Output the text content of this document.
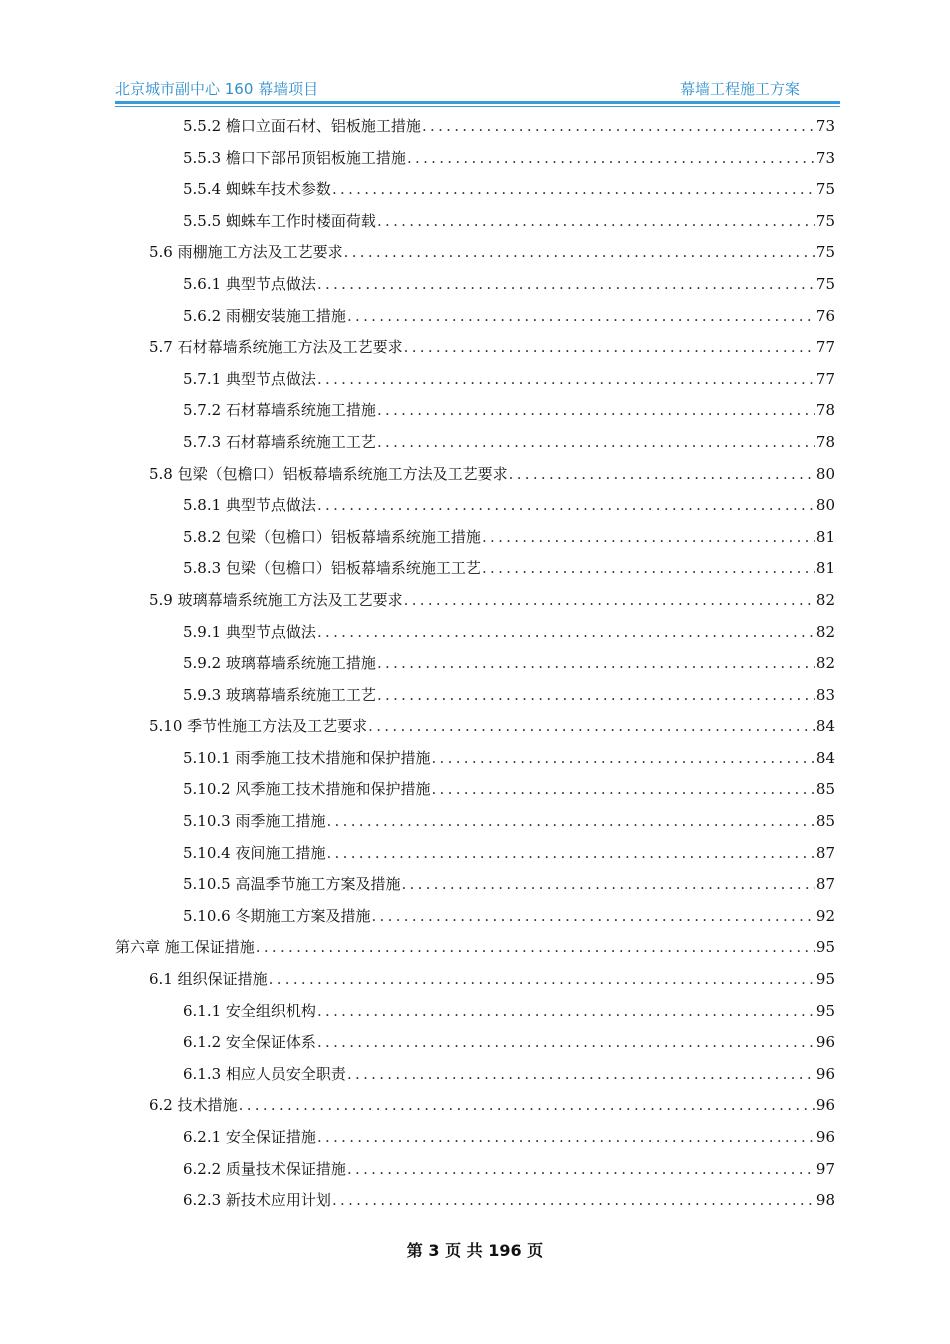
北京城市副中心 160 幕墙项目	幕墙工程施工方案
5.5.2 檐口立面石材、铝板施工措施 .....	73
5.5.3 檐口下部吊顶铝板施工措施 .....	73
5.5.4 蜘蛛车技术参数 .....	75
5.5.5 蜘蛛车工作时楼面荷载 .....	75
5.6 雨棚施工方法及工艺要求 .....	75
5.6.1 典型节点做法 .....	75
5.6.2 雨棚安装施工措施 .....	76
5.7 石材幕墙系统施工方法及工艺要求 .....	77
5.7.1 典型节点做法 .....	77
5.7.2 石材幕墙系统施工措施 .....	78
5.7.3 石材幕墙系统施工工艺 .....	78
5.8 包梁（包檐口）铝板幕墙系统施工方法及工艺要求 .....	80
5.8.1 典型节点做法 .....	80
5.8.2 包梁（包檐口）铝板幕墙系统施工措施 .....	81
5.8.3 包梁（包檐口）铝板幕墙系统施工工艺 .....	81
5.9 玻璃幕墙系统施工方法及工艺要求 .....	82
5.9.1 典型节点做法 .....	82
5.9.2 玻璃幕墙系统施工措施 .....	82
5.9.3 玻璃幕墙系统施工工艺 .....	83
5.10 季节性施工方法及工艺要求 .....	84
5.10.1 雨季施工技术措施和保护措施 .....	84
5.10.2 风季施工技术措施和保护措施 .....	85
5.10.3 雨季施工措施 .....	85
5.10.4 夜间施工措施 .....	87
5.10.5 高温季节施工方案及措施 .....	87
5.10.6 冬期施工方案及措施 .....	92
第六章 施工保证措施 .....	95
6.1 组织保证措施 .....	95
6.1.1 安全组织机构 .....	95
6.1.2 安全保证体系 .....	96
6.1.3 相应人员安全职责 .....	96
6.2 技术措施 .....	96
6.2.1 安全保证措施 .....	96
6.2.2 质量技术保证措施 .....	97
6.2.3 新技术应用计划 .....	98
第 3 页 共 196 页
